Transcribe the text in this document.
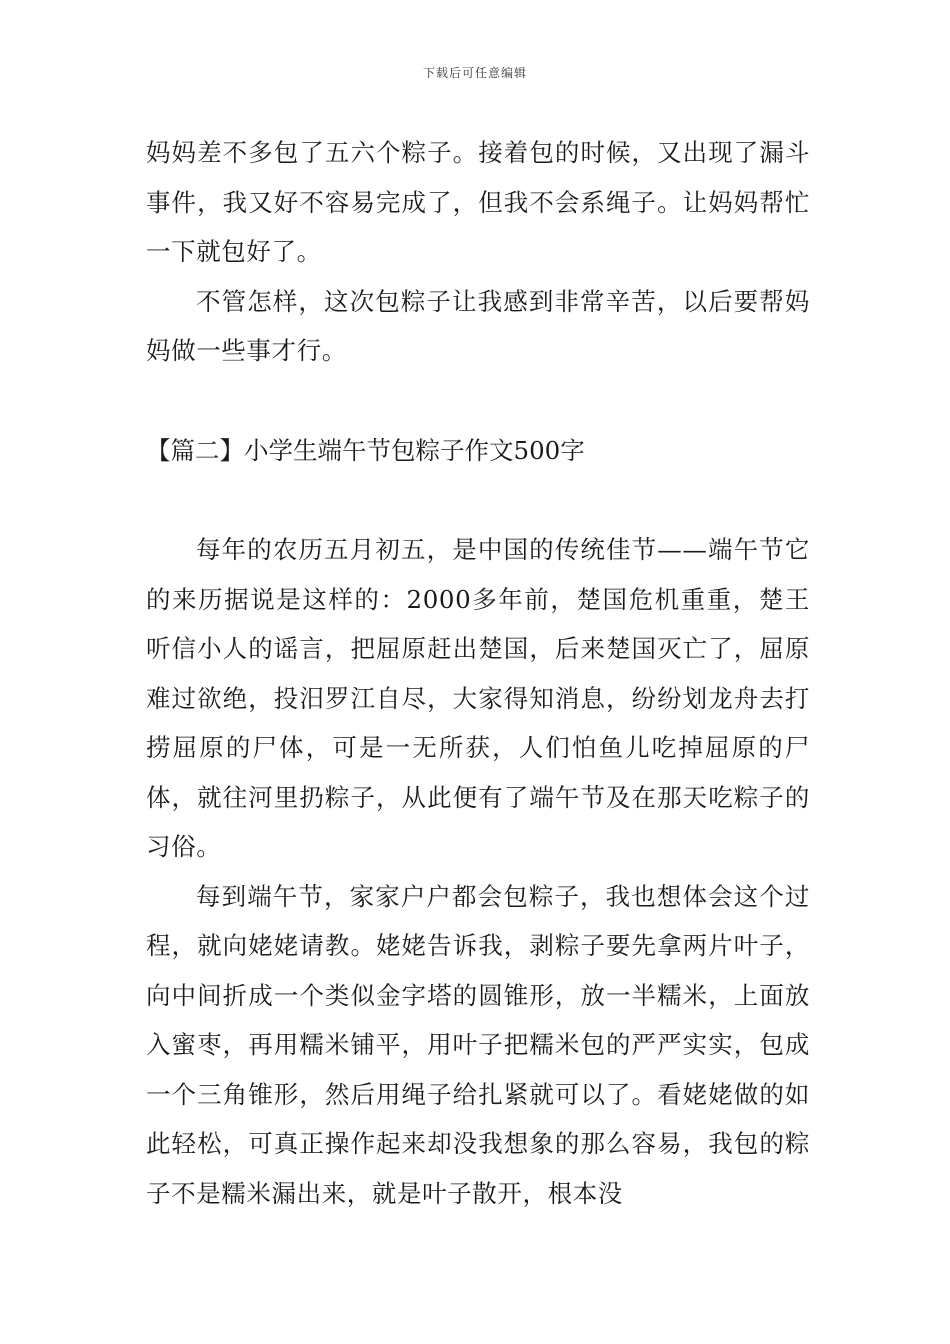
下载后可任意编辑

妈妈差不多包了五六个粽子。接着包的时候，又出现了漏斗事件，我又好不容易完成了，但我不会系绳子。让妈妈帮忙一下就包好了。

不管怎样，这次包粽子让我感到非常辛苦，以后要帮妈妈做一些事才行。

【篇二】小学生端午节包粽子作文500字

每年的农历五月初五，是中国的传统佳节——端午节它的来历据说是这样的：2000多年前，楚国危机重重，楚王听信小人的谣言，把屈原赶出楚国，后来楚国灭亡了，屈原难过欲绝，投汨罗江自尽，大家得知消息，纷纷划龙舟去打捞屈原的尸体，可是一无所获，人们怕鱼儿吃掉屈原的尸体，就往河里扔粽子，从此便有了端午节及在那天吃粽子的习俗。

每到端午节，家家户户都会包粽子，我也想体会这个过程，就向姥姥请教。姥姥告诉我，剥粽子要先拿两片叶子，向中间折成一个类似金字塔的圆锥形，放一半糯米，上面放入蜜枣，再用糯米铺平，用叶子把糯米包的严严实实，包成一个三角锥形，然后用绳子给扎紧就可以了。看姥姥做的如此轻松，可真正操作起来却没我想象的那么容易，我包的粽子不是糯米漏出来，就是叶子散开，根本没
